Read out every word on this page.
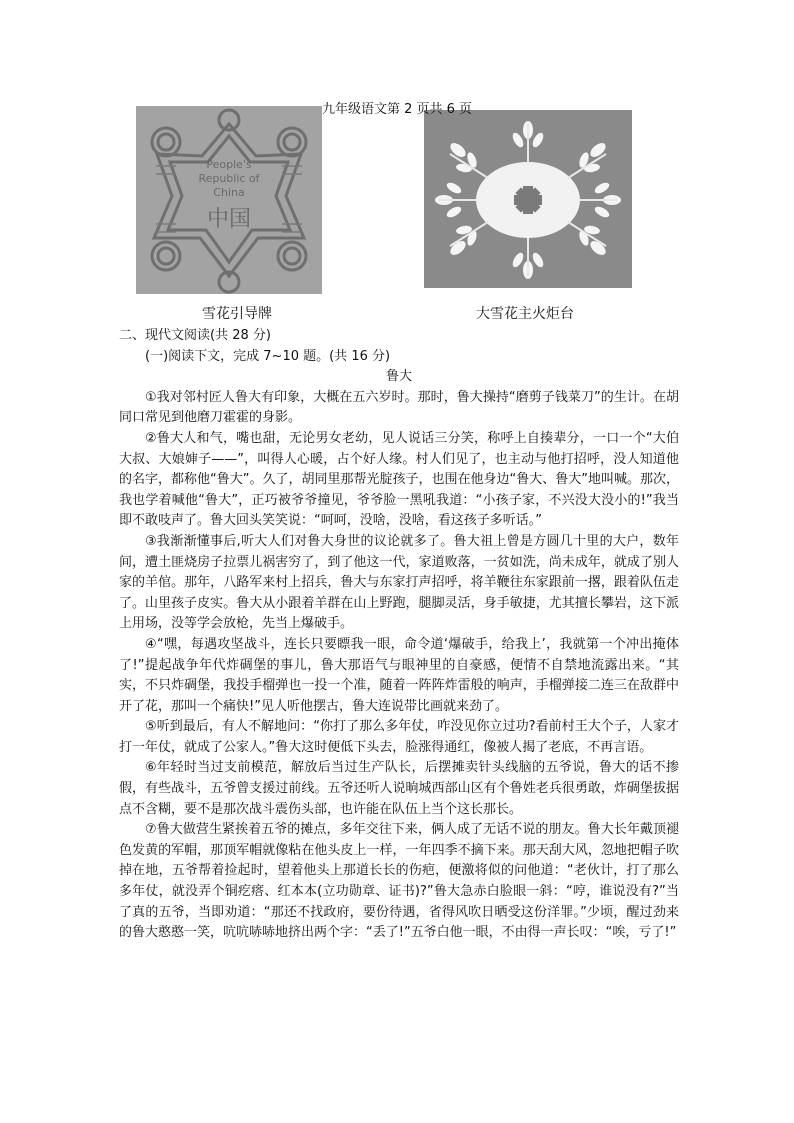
九年级语文第 2 页共 6 页
People's
Republic of
China
中国
雪花引导牌	大雪花主火炬台

二、现代文阅读(共 28 分)

(一)阅读下文，完成 7~10 题。(共 16 分)

鲁大

①我对邻村匠人鲁大有印象，大概在五六岁时。那时，鲁大操持“磨剪子钱菜刀”的生计。在胡同口常见到他磨刀霍霍的身影。

②鲁大人和气，嘴也甜，无论男女老幼，见人说话三分笑，称呼上自揍辈分，一口一个“大伯大叔、大娘婶子——”，叫得人心暖，占个好人缘。村人们见了，也主动与他打招呼，没人知道他的名字，都称他“鲁大”。久了，胡同里那帮光腚孩子，也围在他身边“鲁大、鲁大”地叫喊。那次，我也学着喊他“鲁大”，正巧被爷爷撞见，爷爷脸一黑吼我道：“小孩子家，不兴没大没小的!”我当即不敢吱声了。鲁大回头笑笑说：“呵呵，没啥，没啥，看这孩子多听话。”

③我渐渐懂事后,听大人们对鲁大身世的议论就多了。鲁大祖上曾是方圆几十里的大户，数年间，遭土匪烧房子拉票儿祸害穷了，到了他这一代，家道败落，一贫如洗，尚未成年，就成了别人家的羊倌。那年，八路军来村上招兵，鲁大与东家打声招呼，将羊鞭往东家跟前一撂，跟着队伍走了。山里孩子皮实。鲁大从小跟着羊群在山上野跑，腿脚灵活，身手敏捷，尤其擅长攀岩，这下派上用场，没等学会放枪，先当上爆破手。

④“嘿，每遇攻坚战斗，连长只要瞟我一眼，命令道‘爆破手，给我上’，我就第一个冲出掩体了!”提起战争年代炸碉堡的事儿，鲁大那语气与眼神里的自豪感，便情不自禁地流露出来。“其实，不只炸碉堡，我投手榴弹也一投一个准，随着一阵阵炸雷般的响声，手榴弹接二连三在敌群中开了花，那叫一个痛快!”见人听他摆古，鲁大连说带比画就来劲了。

⑤听到最后，有人不解地问：“你打了那么多年仗，咋没见你立过功?看前村王大个子，人家才打一年仗，就成了公家人。”鲁大这时便低下头去，脸涨得通红，像被人揭了老底，不再言语。

⑥年轻时当过支前模范，解放后当过生产队长，后摆摊卖针头线脑的五爷说，鲁大的话不掺假，有些战斗，五爷曾支援过前线。五爷还听人说晌城西部山区有个鲁姓老兵很勇敢，炸碉堡拔据点不含糊，要不是那次战斗震伤头部，也许能在队伍上当个这长那长。

⑦鲁大做营生紧挨着五爷的摊点，多年交往下来，俩人成了无话不说的朋友。鲁大长年戴顶褪色发黄的军帽，那顶军帽就像粘在他头皮上一样，一年四季不摘下来。那天刮大风，忽地把帽子吹掉在地，五爷帮着捡起时，望着他头上那道长长的伤疤，便激将似的问他道：“老伙计，打了那么多年仗，就没弄个铜疙瘩、红本本(立功勋章、证书)?”鲁大急赤白脸眼一斜：“哼，谁说没有?”当了真的五爷，当即劝道：“那还不找政府，要份待遇，省得风吹日晒受这份洋罪。”少顷，醒过劲来的鲁大憨憨一笑，吭吭哧哧地挤出两个字：“丢了!”五爷白他一眼，不由得一声长叹：“唉，亏了!”
